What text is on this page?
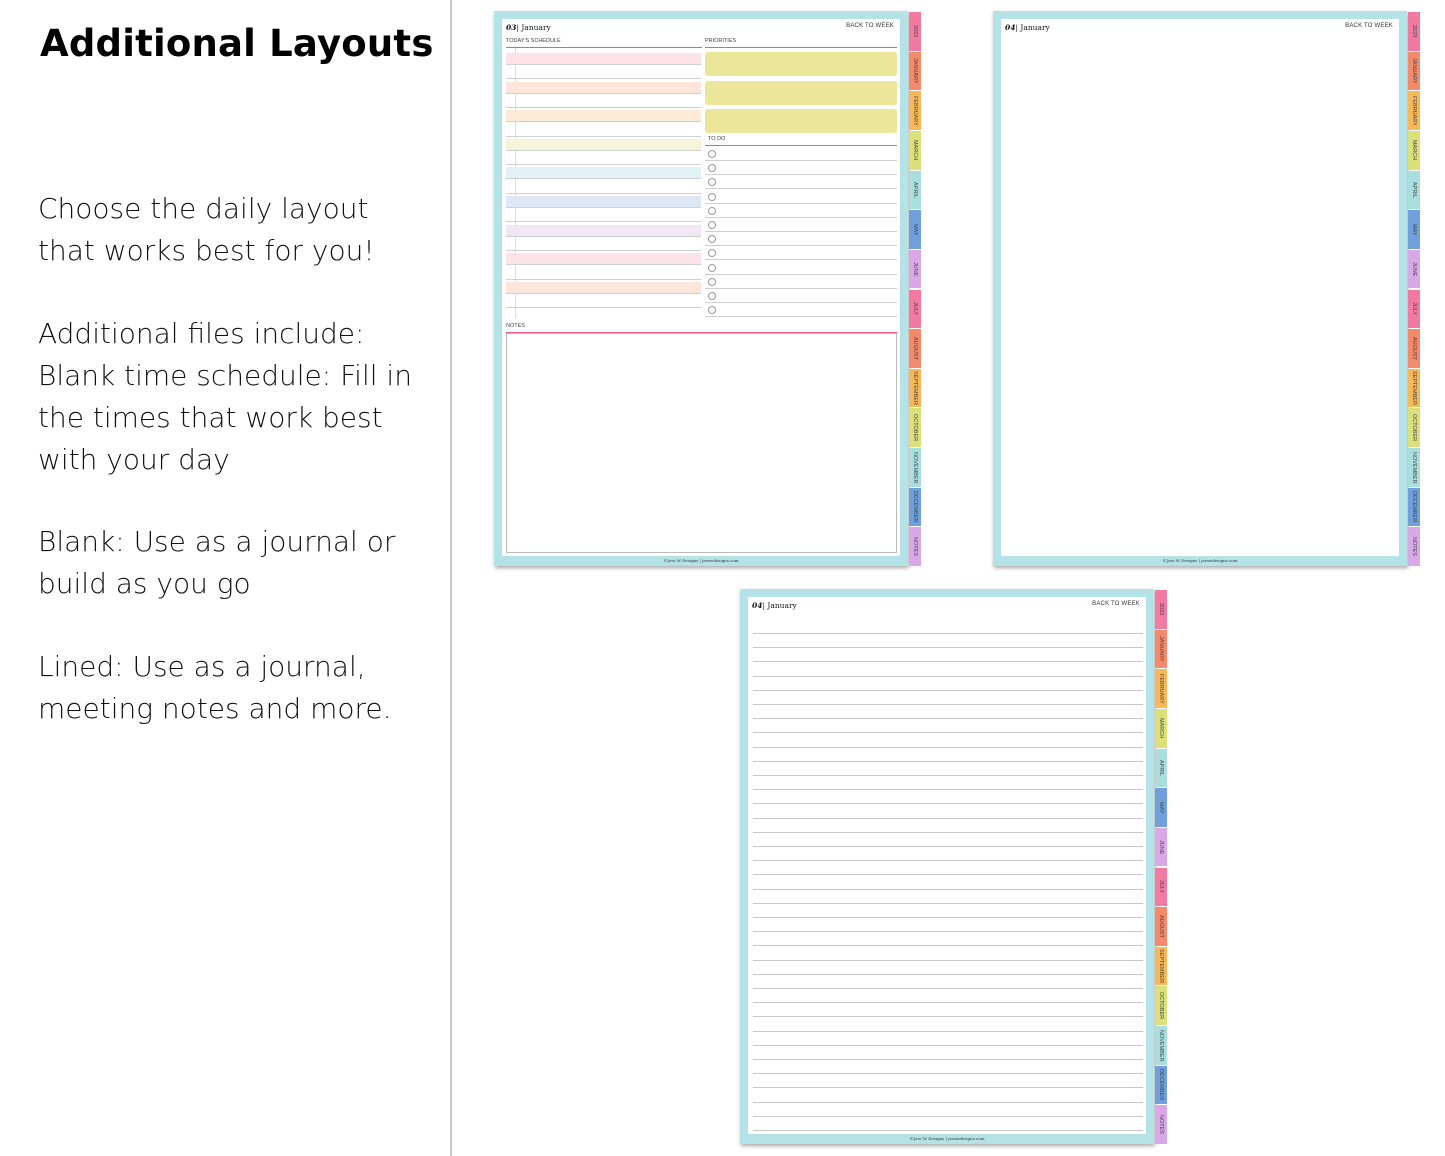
Additional Layouts
Choose the daily layout
that works best for you!
Additional files include:
Blank time schedule: Fill in
the times that work best
with your day
Blank: Use as a journal or
build as you go
Lined: Use as a journal,
meeting notes and more.
03| January	BACK TO WEEK
TODAY'S SCHEDULE	PRIORITIES
TO DO
NOTES
©Jess W Designs | jesswdesigns.com
2023
JANUARY
FEBRUARY
MARCH
APRIL
MAY
JUNE
JULY
AUGUST
SEPTEMBER
OCTOBER
NOVEMBER
DECEMBER
NOTES
04| January	BACK TO WEEK
©Jess W Designs | jesswdesigns.com
2023
JANUARY
FEBRUARY
MARCH
APRIL
MAY
JUNE
JULY
AUGUST
SEPTEMBER
OCTOBER
NOVEMBER
DECEMBER
NOTES
04| January	BACK TO WEEK
©Jess W Designs | jesswdesigns.com
2023
JANUARY
FEBRUARY
MARCH
APRIL
MAY
JUNE
JULY
AUGUST
SEPTEMBER
OCTOBER
NOVEMBER
DECEMBER
NOTES
